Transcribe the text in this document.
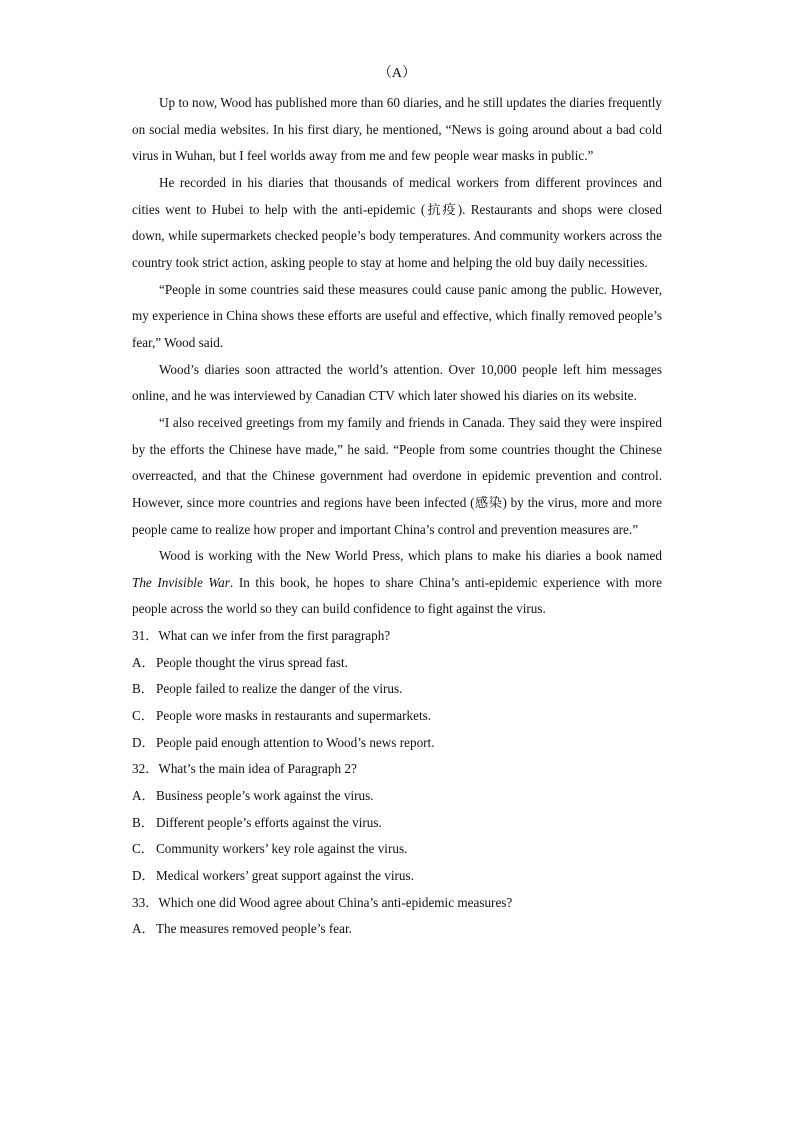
（A）

Up to now, Wood has published more than 60 diaries, and he still updates the diaries frequently on social media websites. In his first diary, he mentioned, “News is going around about a bad cold virus in Wuhan, but I feel worlds away from me and few people wear masks in public.”

He recorded in his diaries that thousands of medical workers from different provinces and cities went to Hubei to help with the anti-epidemic (抗疫). Restaurants and shops were closed down, while supermarkets checked people’s body temperatures. And community workers across the country took strict action, asking people to stay at home and helping the old buy daily necessities.

“People in some countries said these measures could cause panic among the public. However, my experience in China shows these efforts are useful and effective, which finally removed people’s fear,” Wood said.

Wood’s diaries soon attracted the world’s attention. Over 10,000 people left him messages online, and he was interviewed by Canadian CTV which later showed his diaries on its website.

“I also received greetings from my family and friends in Canada. They said they were inspired by the efforts the Chinese have made,” he said. “People from some countries thought the Chinese overreacted, and that the Chinese government had overdone in epidemic prevention and control. However, since more countries and regions have been infected (感染) by the virus, more and more people came to realize how proper and important China’s control and prevention measures are.”

Wood is working with the New World Press, which plans to make his diaries a book named The Invisible War. In this book, he hopes to share China’s anti-epidemic experience with more people across the world so they can build confidence to fight against the virus.

31．What can we infer from the first paragraph?

A．People thought the virus spread fast.

B． People failed to realize the danger of the virus.

C． People wore masks in restaurants and supermarkets.

D．People paid enough attention to Wood’s news report.

32．What’s the main idea of Paragraph 2?

A．Business people’s work against the virus.

B． Different people’s efforts against the virus.

C． Community workers’ key role against the virus.

D．Medical workers’ great support against the virus.

33．Which one did Wood agree about China’s anti-epidemic measures?

A．The measures removed people’s fear.
